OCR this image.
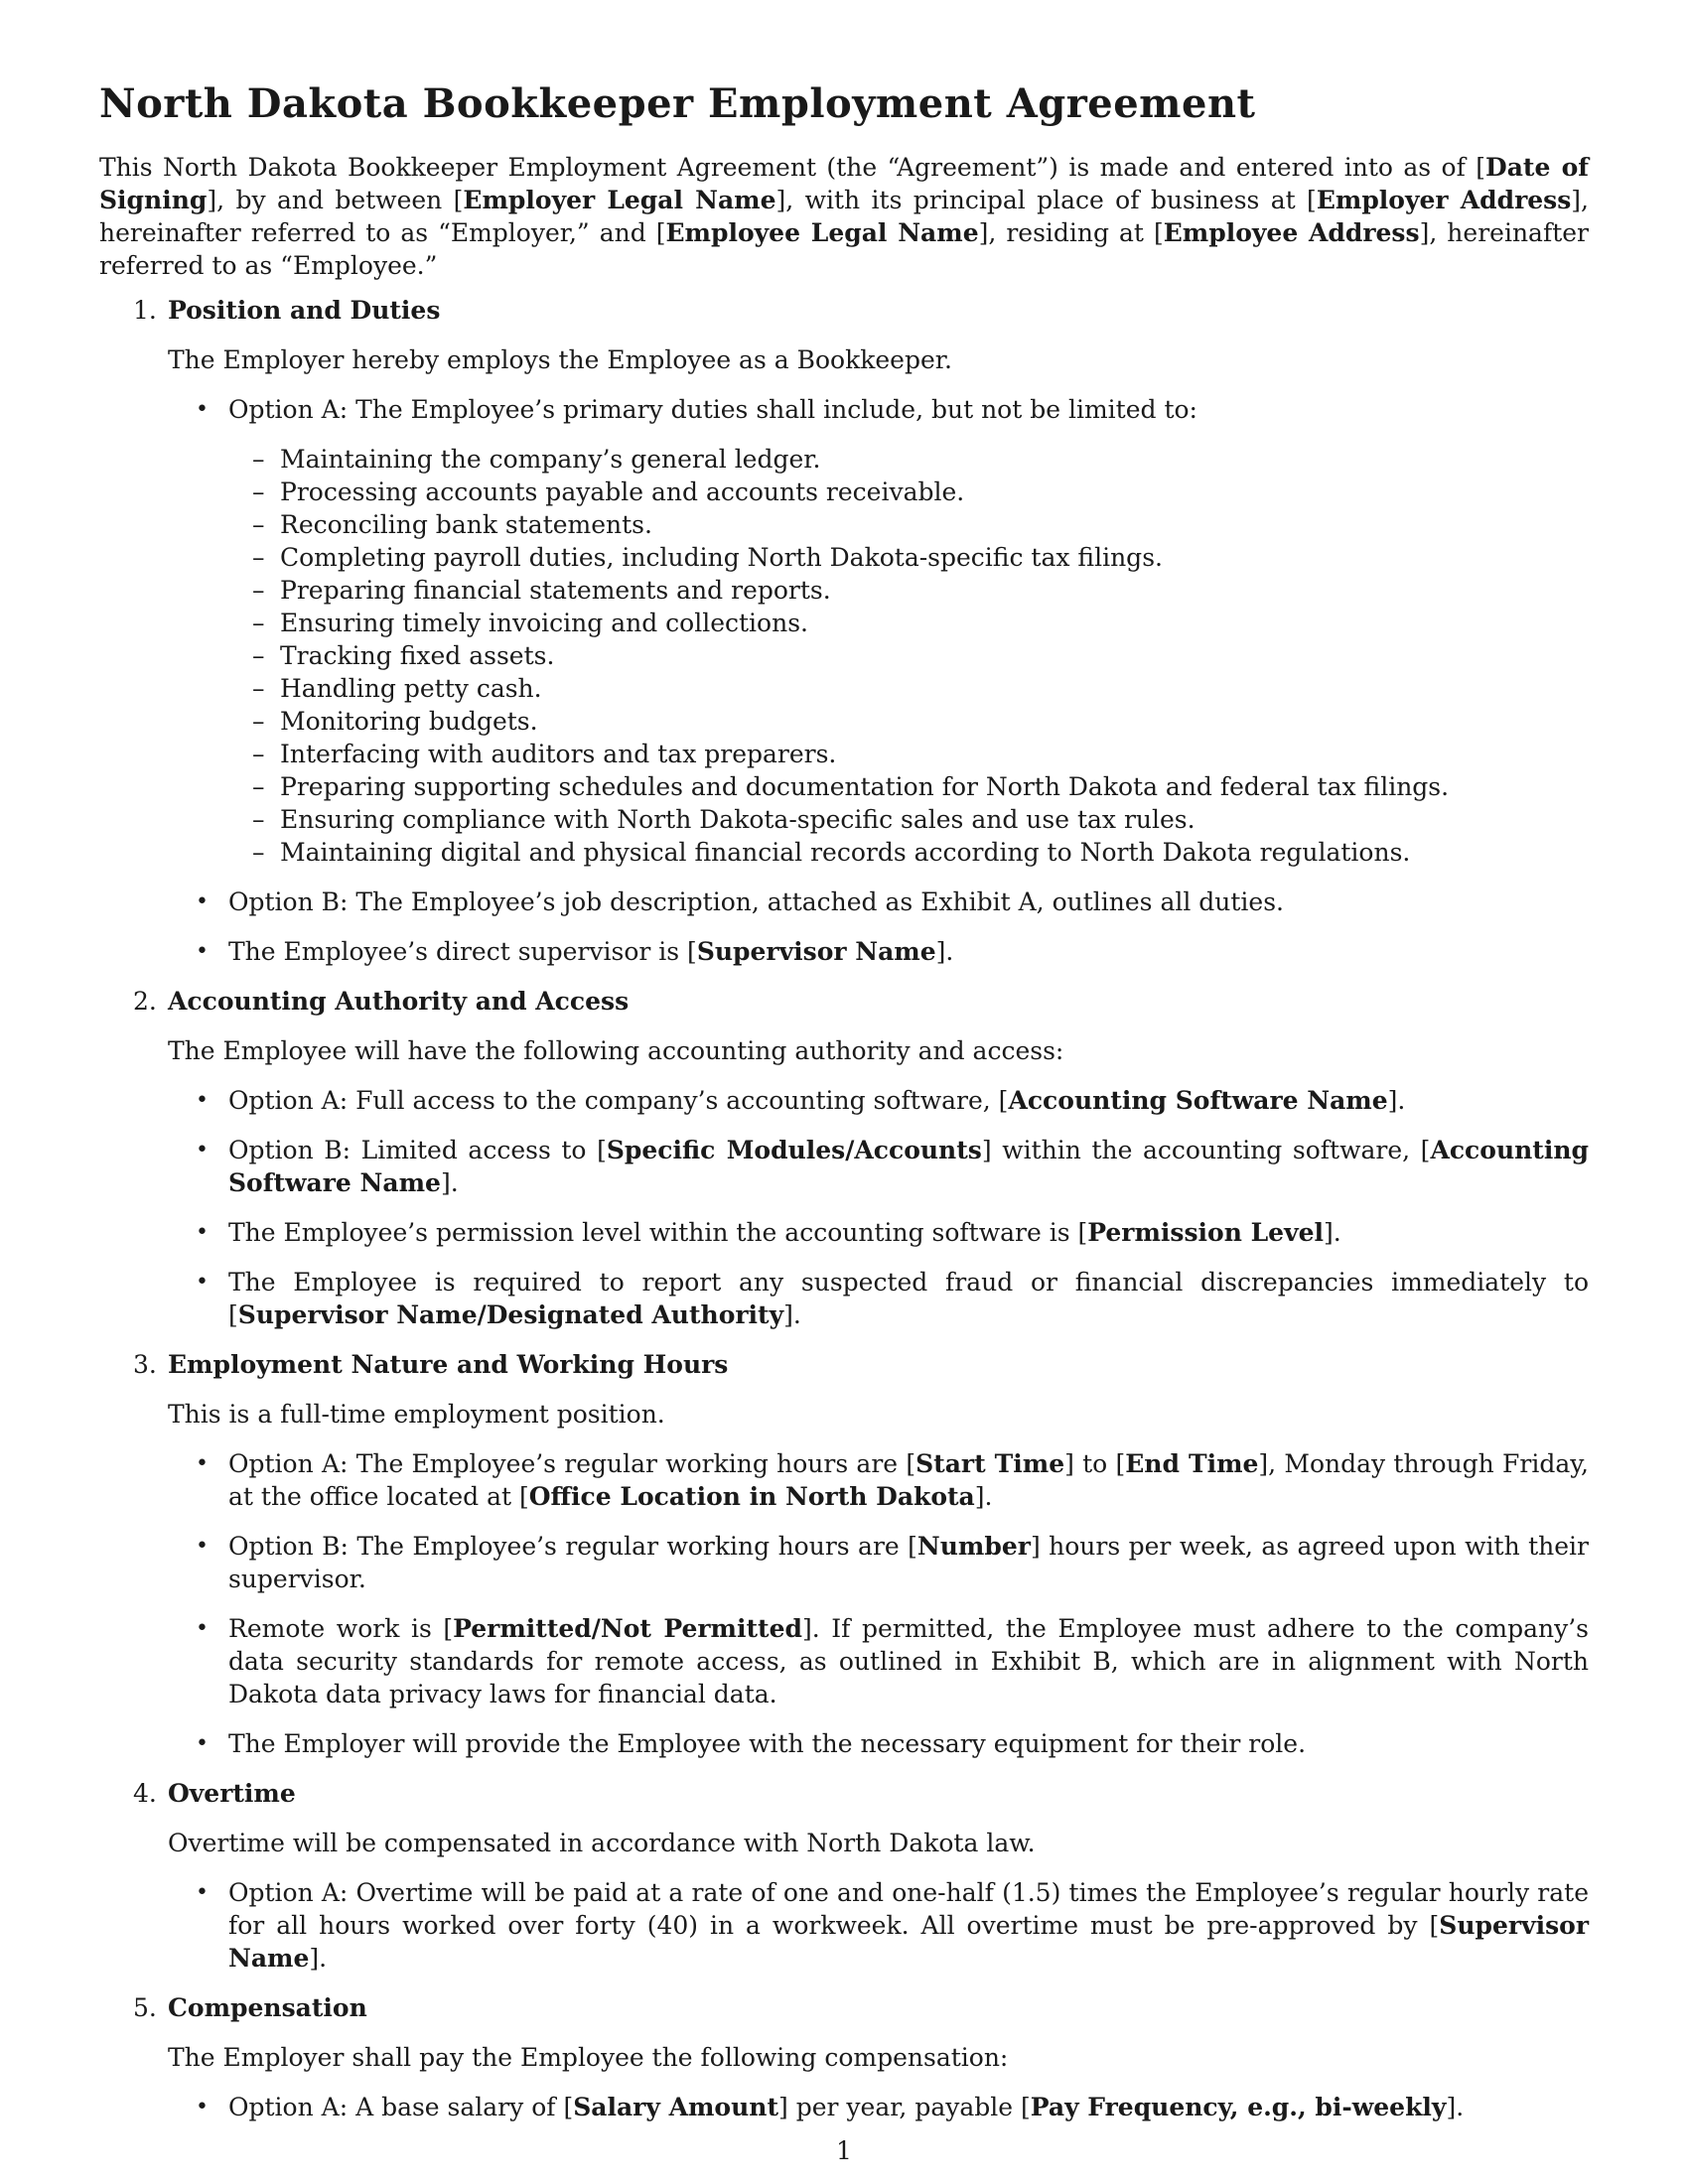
North Dakota Bookkeeper Employment Agreement

This North Dakota Bookkeeper Employment Agreement (the “Agreement”) is made and entered into as of [Date of Signing], by and between [Employer Legal Name], with its principal place of business at [Employer Address], hereinafter referred to as “Employer,” and [Employee Legal Name], residing at [Employee Address], hereinafter referred to as “Employee.”

1. Position and Duties
The Employer hereby employs the Employee as a Bookkeeper.
• Option A: The Employee’s primary duties shall include, but not be limited to:
– Maintaining the company’s general ledger.
– Processing accounts payable and accounts receivable.
– Reconciling bank statements.
– Completing payroll duties, including North Dakota-specific tax filings.
– Preparing financial statements and reports.
– Ensuring timely invoicing and collections.
– Tracking fixed assets.
– Handling petty cash.
– Monitoring budgets.
– Interfacing with auditors and tax preparers.
– Preparing supporting schedules and documentation for North Dakota and federal tax filings.
– Ensuring compliance with North Dakota-specific sales and use tax rules.
– Maintaining digital and physical financial records according to North Dakota regulations.
• Option B: The Employee’s job description, attached as Exhibit A, outlines all duties.
• The Employee’s direct supervisor is [Supervisor Name].
2. Accounting Authority and Access
The Employee will have the following accounting authority and access:
• Option A: Full access to the company’s accounting software, [Accounting Software Name].
• Option B: Limited access to [Specific Modules/Accounts] within the accounting software, [Accounting Software Name].
• The Employee’s permission level within the accounting software is [Permission Level].
• The Employee is required to report any suspected fraud or financial discrepancies immediately to [Supervisor Name/Designated Authority].
3. Employment Nature and Working Hours
This is a full-time employment position.
• Option A: The Employee’s regular working hours are [Start Time] to [End Time], Monday through Friday, at the office located at [Office Location in North Dakota].
• Option B: The Employee’s regular working hours are [Number] hours per week, as agreed upon with their supervisor.
• Remote work is [Permitted/Not Permitted]. If permitted, the Employee must adhere to the company’s data security standards for remote access, as outlined in Exhibit B, which are in alignment with North Dakota data privacy laws for financial data.
• The Employer will provide the Employee with the necessary equipment for their role.
4. Overtime
Overtime will be compensated in accordance with North Dakota law.
• Option A: Overtime will be paid at a rate of one and one-half (1.5) times the Employee’s regular hourly rate for all hours worked over forty (40) in a workweek. All overtime must be pre-approved by [Supervisor Name].
5. Compensation
The Employer shall pay the Employee the following compensation:
• Option A: A base salary of [Salary Amount] per year, payable [Pay Frequency, e.g., bi-weekly].
1
